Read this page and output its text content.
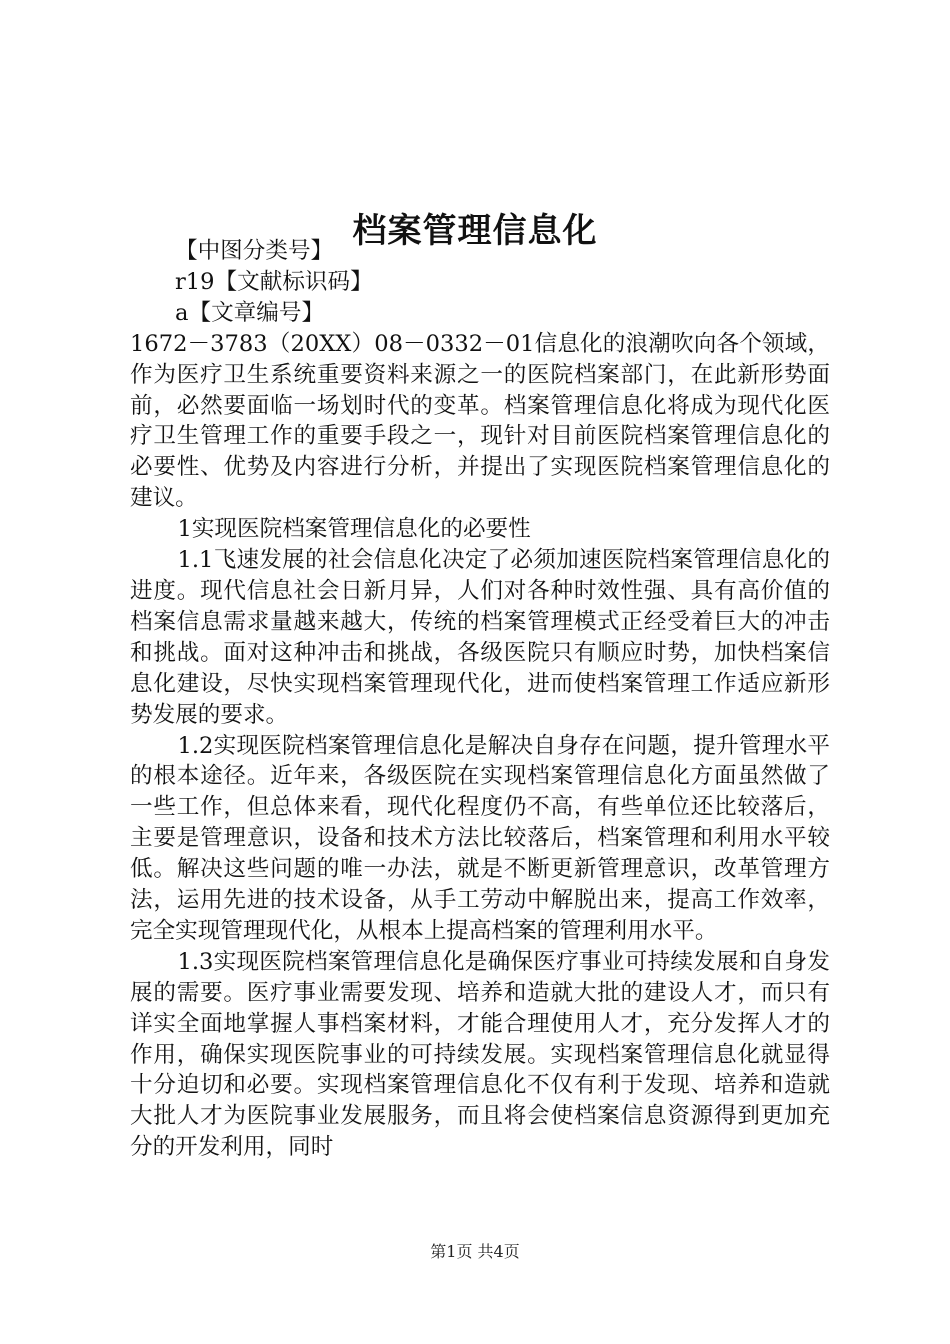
档案管理信息化

【中图分类号】

r19【文献标识码】

a【文章编号】

1672－3783（20XX）08－0332－01信息化的浪潮吹向各个领域，作为医疗卫生系统重要资料来源之一的医院档案部门，在此新形势面前，必然要面临一场划时代的变革。档案管理信息化将成为现代化医疗卫生管理工作的重要手段之一，现针对目前医院档案管理信息化的必要性、优势及内容进行分析，并提出了实现医院档案管理信息化的建议。

1实现医院档案管理信息化的必要性

1.1飞速发展的社会信息化决定了必须加速医院档案管理信息化的进度。现代信息社会日新月异，人们对各种时效性强、具有高价值的档案信息需求量越来越大，传统的档案管理模式正经受着巨大的冲击和挑战。面对这种冲击和挑战，各级医院只有顺应时势，加快档案信息化建设，尽快实现档案管理现代化，进而使档案管理工作适应新形势发展的要求。

1.2实现医院档案管理信息化是解决自身存在问题，提升管理水平的根本途径。近年来，各级医院在实现档案管理信息化方面虽然做了一些工作，但总体来看，现代化程度仍不高，有些单位还比较落后，主要是管理意识，设备和技术方法比较落后，档案管理和利用水平较低。解决这些问题的唯一办法，就是不断更新管理意识，改革管理方法，运用先进的技术设备，从手工劳动中解脱出来，提高工作效率，完全实现管理现代化，从根本上提高档案的管理利用水平。

1.3实现医院档案管理信息化是确保医疗事业可持续发展和自身发展的需要。医疗事业需要发现、培养和造就大批的建设人才，而只有详实全面地掌握人事档案材料，才能合理使用人才，充分发挥人才的作用，确保实现医院事业的可持续发展。实现档案管理信息化就显得十分迫切和必要。实现档案管理信息化不仅有利于发现、培养和造就大批人才为医院事业发展服务，而且将会使档案信息资源得到更加充分的开发利用，同时

第1页 共4页
